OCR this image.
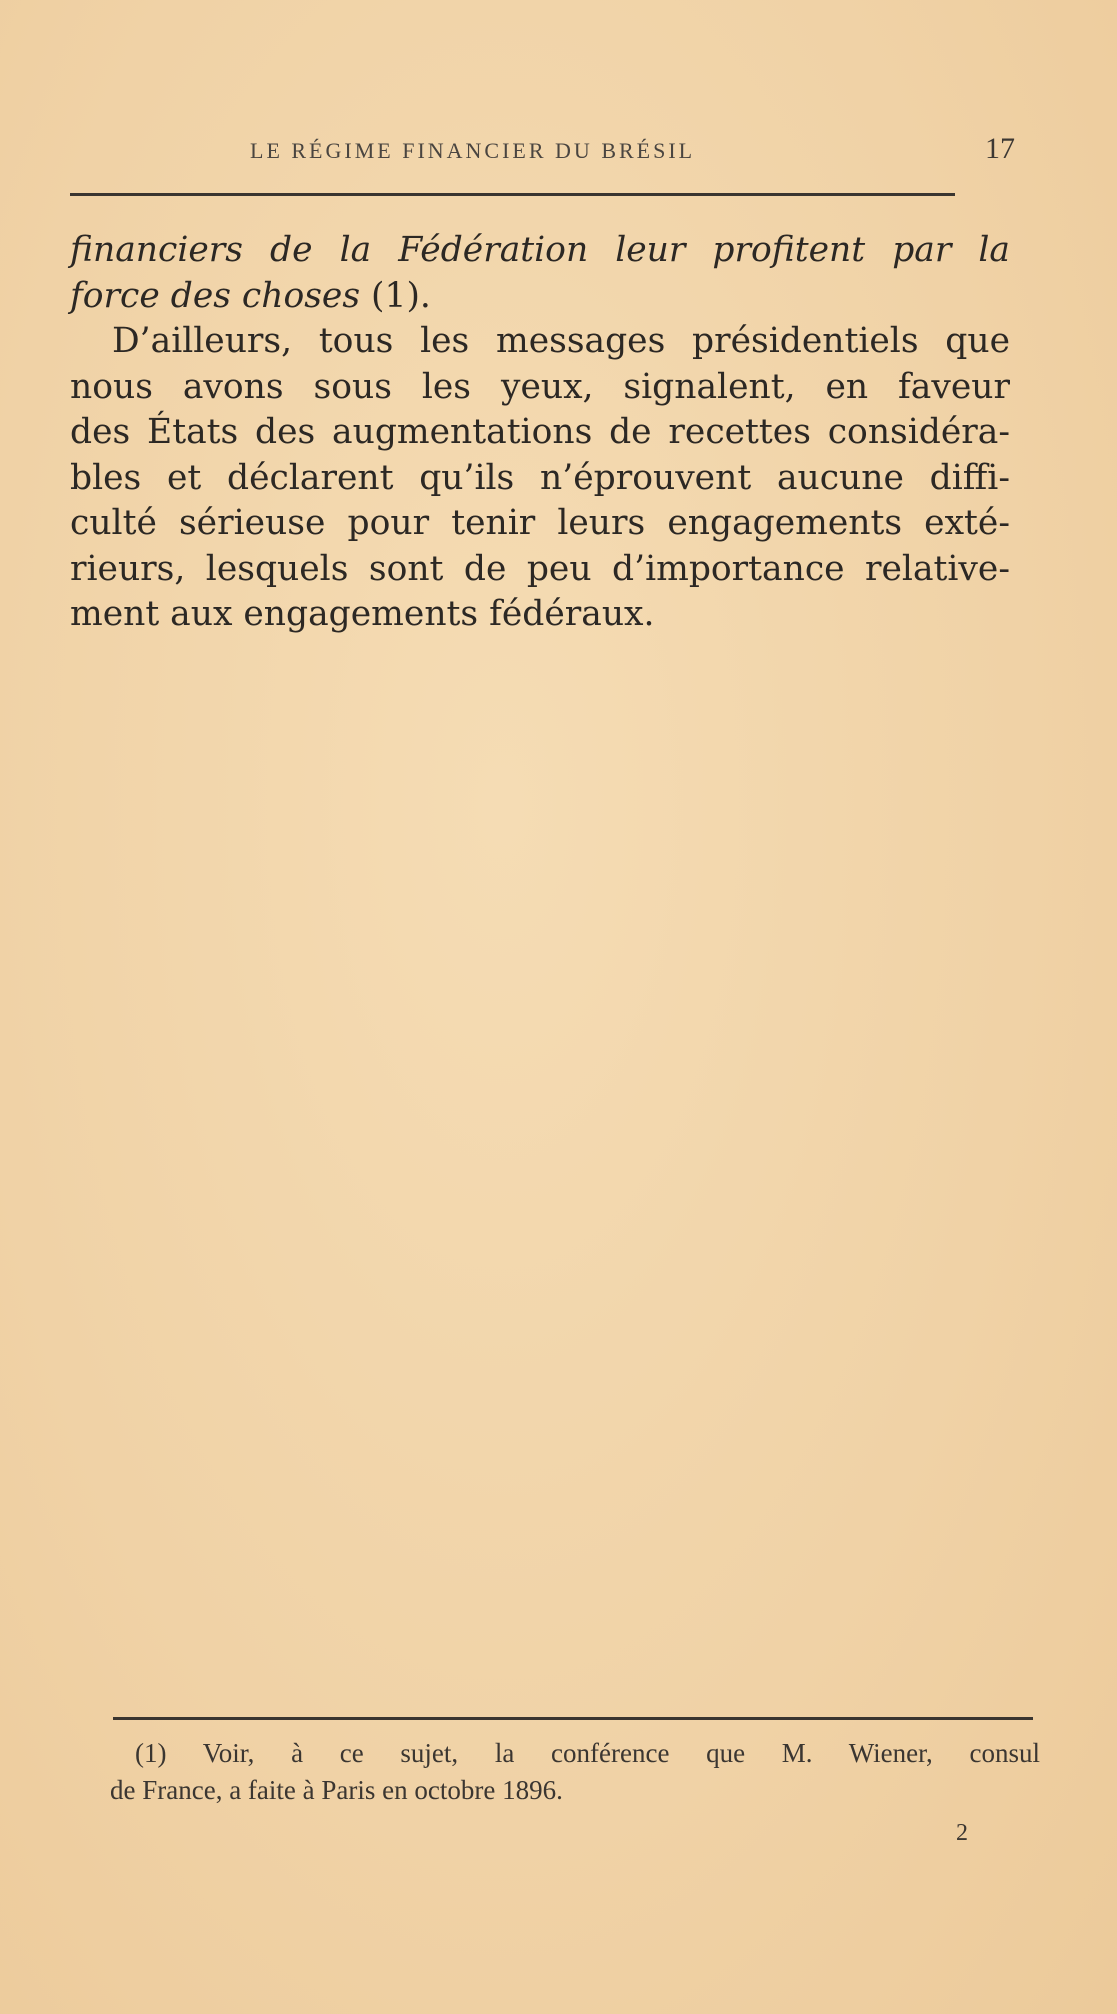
LE RÉGIME FINANCIER DU BRÉSIL	17
financiers de la Fédération leur profitent par la
force des choses (1).
D’ailleurs, tous les messages présidentiels que
nous avons sous les yeux, signalent, en faveur
des États des augmentations de recettes considéra-
bles et déclarent qu’ils n’éprouvent aucune diffi-
culté sérieuse pour tenir leurs engagements exté-
rieurs, lesquels sont de peu d’importance relative-
ment aux engagements fédéraux.
(1) Voir, à ce sujet, la conférence que M. Wiener, consul
de France, a faite à Paris en octobre 1896.
2
